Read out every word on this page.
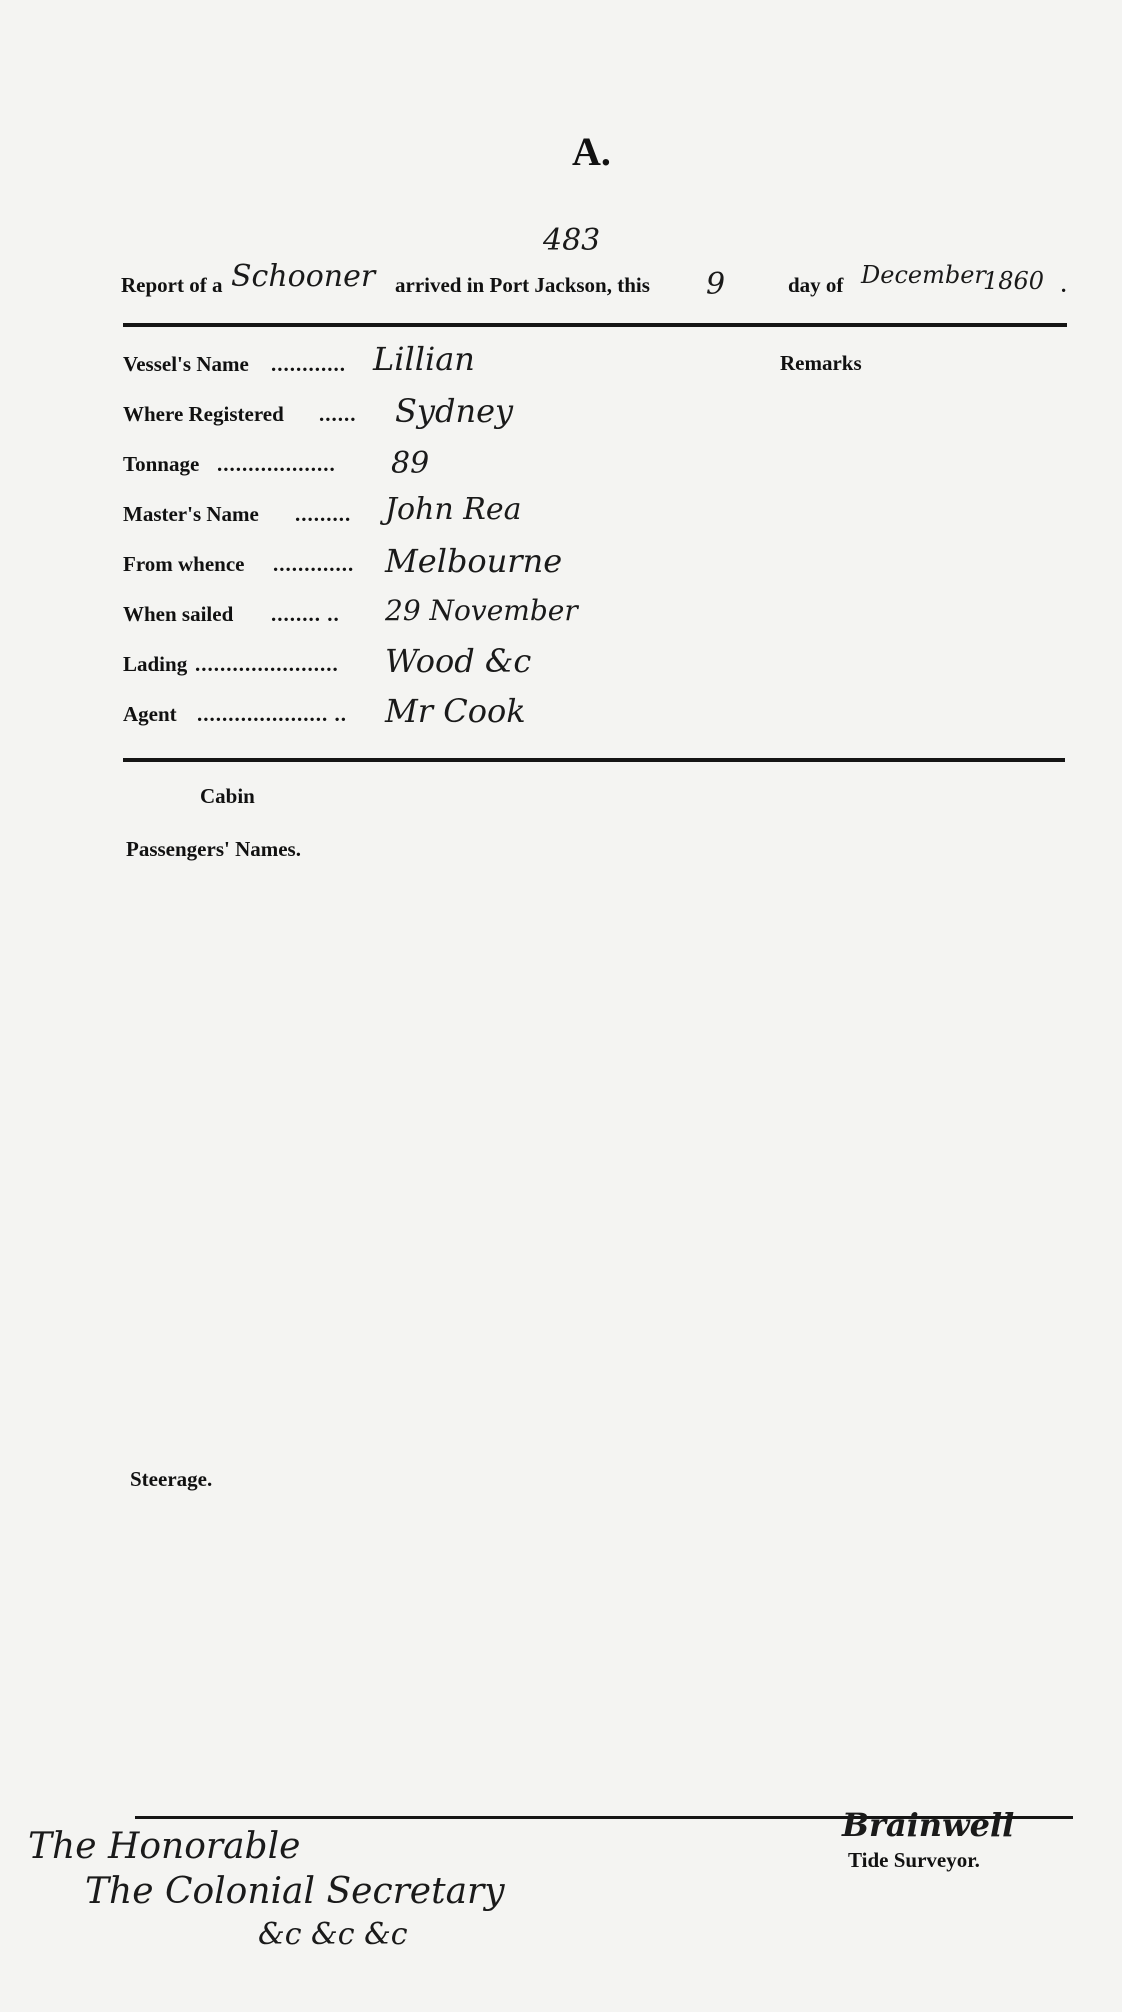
A.
483
Report of a Schooner arrived in Port Jackson, this 9	day of December
1860 .
Remarks
Vessel's Name ............ Lillian
Where Registered ...... Sydney
Tonnage ................... 89
Master's Name ......... John Rea
From whence ............. Melbourne
When sailed ........ .. 29 November
Lading ....................... Wood &c
Agent ..................... .. Mr Cook
Cabin
Passengers' Names.
Steerage.
The Honorable
The Colonial Secretary
&c &c &c
Brainwell
Tide Surveyor.
